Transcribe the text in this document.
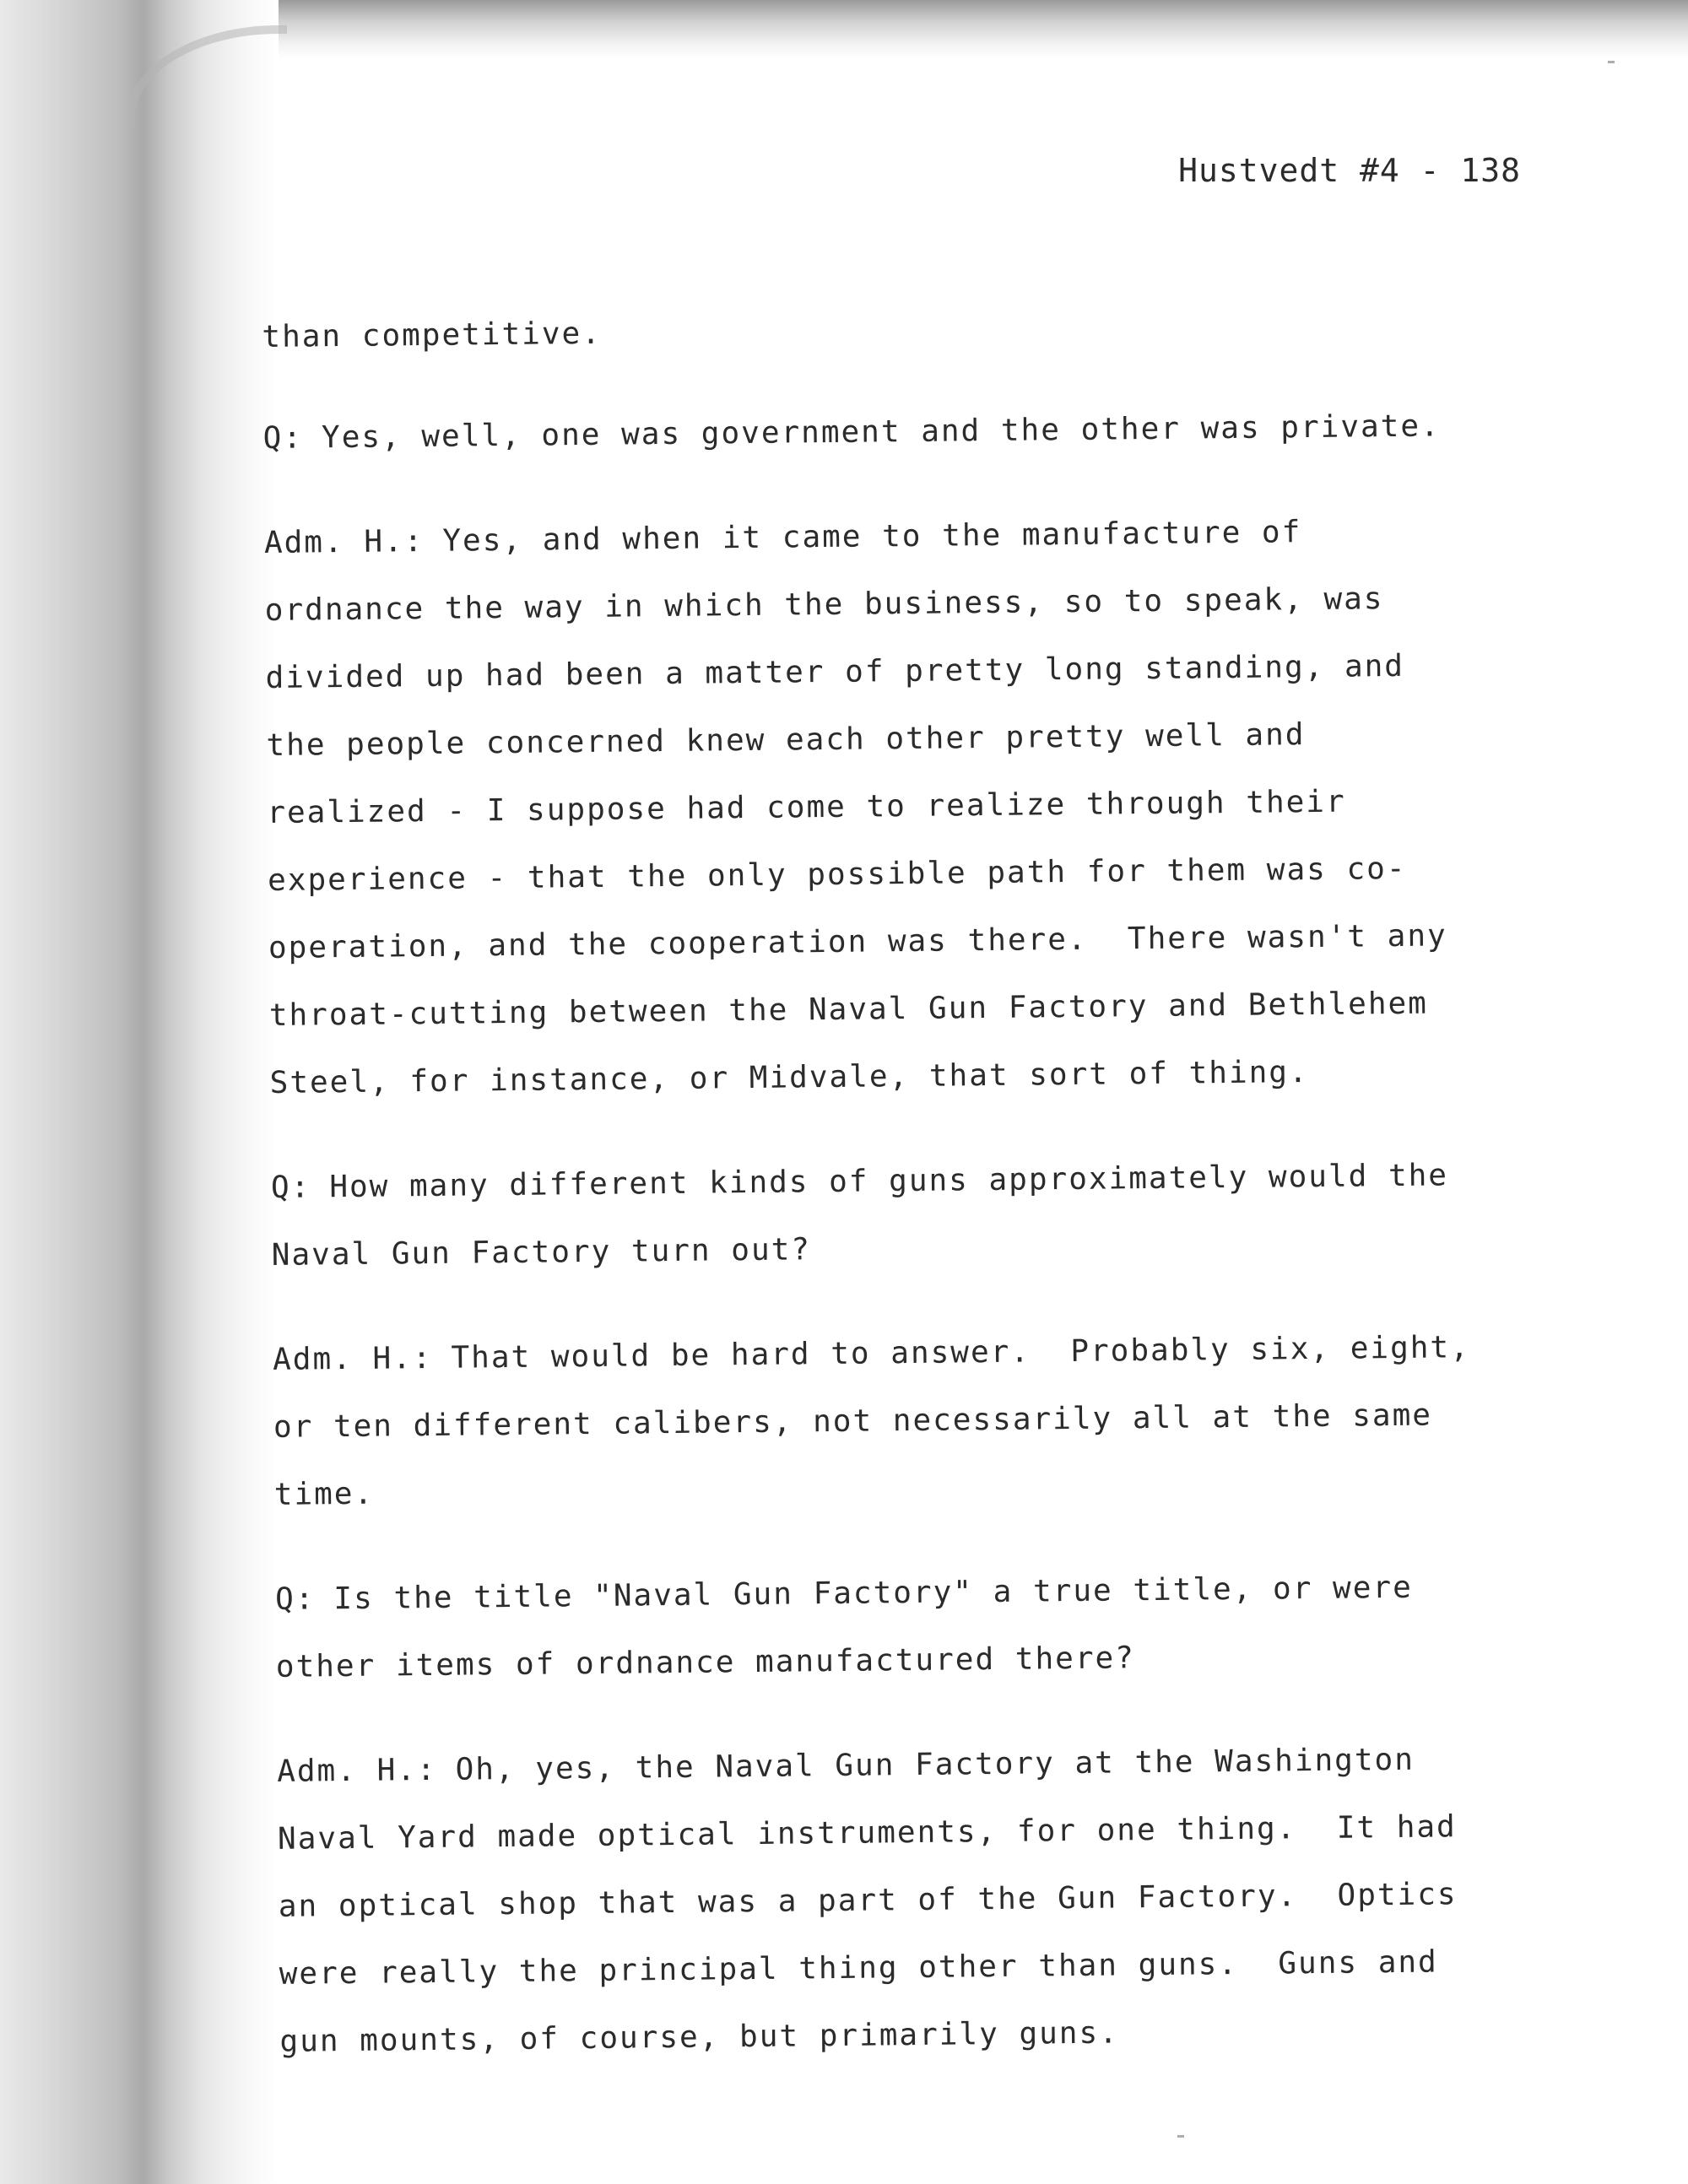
Hustvedt #4 - 138
than competitive.
Q: Yes, well, one was government and the other was private.
Adm. H.: Yes, and when it came to the manufacture of
ordnance the way in which the business, so to speak, was
divided up had been a matter of pretty long standing, and
the people concerned knew each other pretty well and
realized - I suppose had come to realize through their
experience - that the only possible path for them was co-
operation, and the cooperation was there.  There wasn't any
throat-cutting between the Naval Gun Factory and Bethlehem
Steel, for instance, or Midvale, that sort of thing.
Q: How many different kinds of guns approximately would the
Naval Gun Factory turn out?
Adm. H.: That would be hard to answer.  Probably six, eight,
or ten different calibers, not necessarily all at the same
time.
Q: Is the title "Naval Gun Factory" a true title, or were
other items of ordnance manufactured there?
Adm. H.: Oh, yes, the Naval Gun Factory at the Washington
Naval Yard made optical instruments, for one thing.  It had
an optical shop that was a part of the Gun Factory.  Optics
were really the principal thing other than guns.  Guns and
gun mounts, of course, but primarily guns.
